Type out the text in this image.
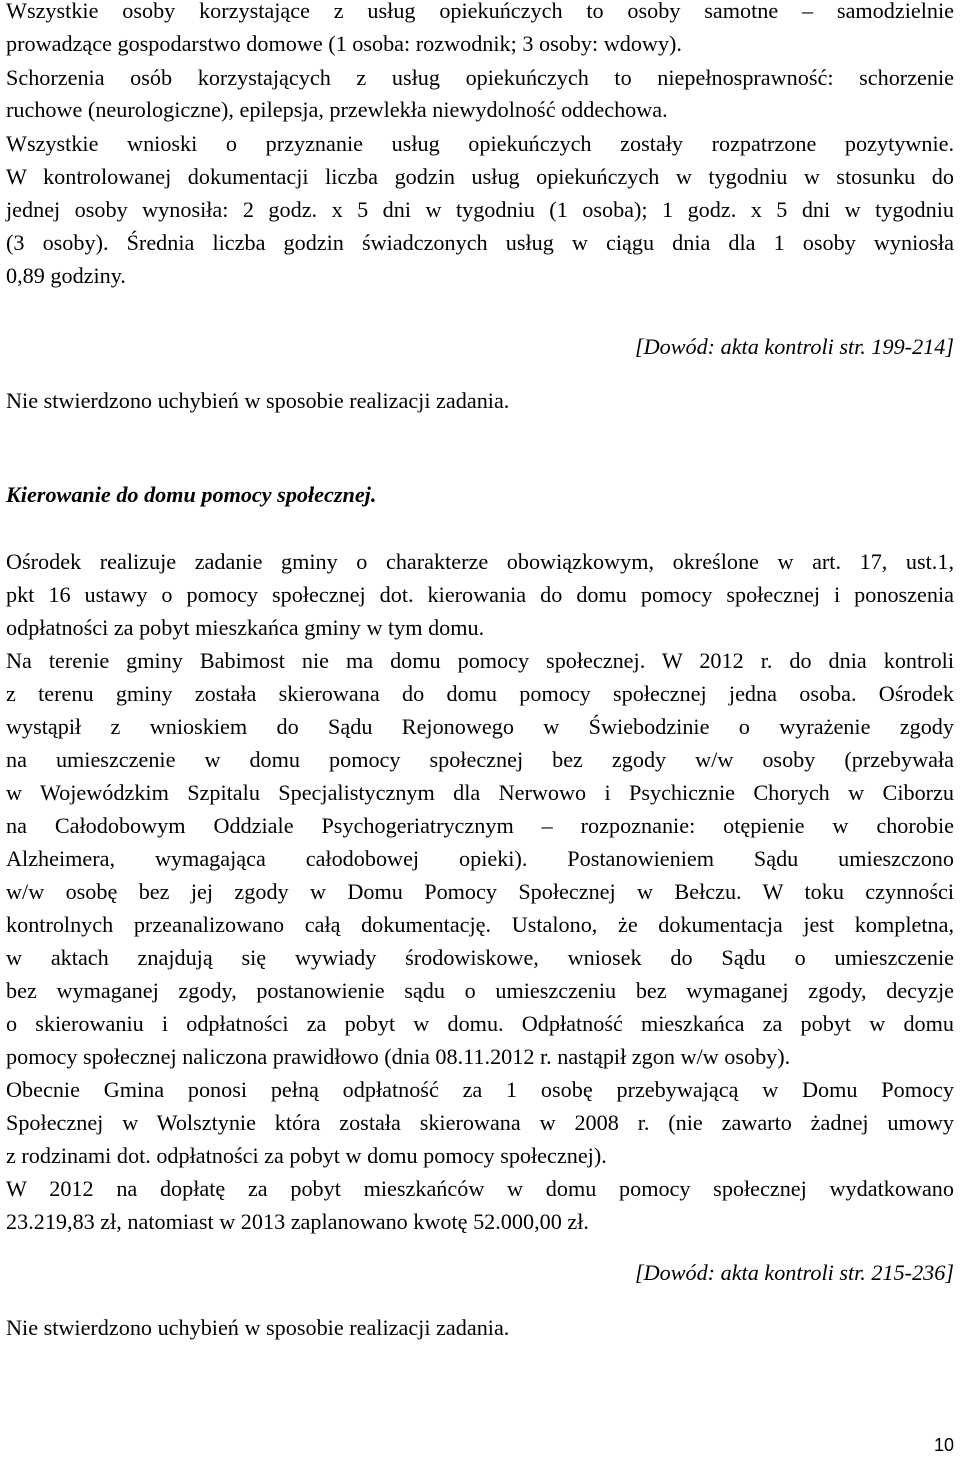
Wszystkie osoby korzystające z usług opiekuńczych to osoby samotne – samodzielnie
prowadzące gospodarstwo domowe (1 osoba: rozwodnik; 3 osoby: wdowy).
Schorzenia osób korzystających z usług opiekuńczych to niepełnosprawność: schorzenie
ruchowe (neurologiczne), epilepsja, przewlekła niewydolność oddechowa.
Wszystkie wnioski o przyznanie usług opiekuńczych zostały rozpatrzone pozytywnie.
W kontrolowanej dokumentacji liczba godzin usług opiekuńczych w tygodniu w stosunku do
jednej osoby wynosiła: 2 godz. x 5 dni w tygodniu (1 osoba); 1 godz. x 5 dni w tygodniu
(3 osoby). Średnia liczba godzin świadczonych usług w ciągu dnia dla 1 osoby wyniosła
0,89 godziny.
[Dowód: akta kontroli str. 199-214]
Nie stwierdzono uchybień w sposobie realizacji zadania.
Kierowanie do domu pomocy społecznej.
Ośrodek realizuje zadanie gminy o charakterze obowiązkowym, określone w art. 17, ust.1,
pkt 16 ustawy o pomocy społecznej dot. kierowania do domu pomocy społecznej i ponoszenia
odpłatności za pobyt mieszkańca gminy w tym domu.
Na terenie gminy Babimost nie ma domu pomocy społecznej. W 2012 r. do dnia kontroli
z terenu gminy została skierowana do domu pomocy społecznej jedna osoba. Ośrodek
wystąpił z wnioskiem do Sądu Rejonowego w Świebodzinie o wyrażenie zgody
na umieszczenie w domu pomocy społecznej bez zgody w/w osoby (przebywała
w Wojewódzkim Szpitalu Specjalistycznym dla Nerwowo i Psychicznie Chorych w Ciborzu
na Całodobowym Oddziale Psychogeriatrycznym – rozpoznanie: otępienie w chorobie
Alzheimera, wymagająca całodobowej opieki). Postanowieniem Sądu umieszczono
w/w osobę bez jej zgody w Domu Pomocy Społecznej w Bełczu. W toku czynności
kontrolnych przeanalizowano całą dokumentację. Ustalono, że dokumentacja jest kompletna,
w aktach znajdują się wywiady środowiskowe, wniosek do Sądu o umieszczenie
bez wymaganej zgody, postanowienie sądu o umieszczeniu bez wymaganej zgody, decyzje
o skierowaniu i odpłatności za pobyt w domu. Odpłatność mieszkańca za pobyt w domu
pomocy społecznej naliczona prawidłowo (dnia 08.11.2012 r. nastąpił zgon w/w osoby).
Obecnie Gmina ponosi pełną odpłatność za 1 osobę przebywającą w Domu Pomocy
Społecznej w Wolsztynie która została skierowana w 2008 r. (nie zawarto żadnej umowy
z rodzinami dot. odpłatności za pobyt w domu pomocy społecznej).
W 2012 na dopłatę za pobyt mieszkańców w domu pomocy społecznej wydatkowano
23.219,83 zł, natomiast w 2013 zaplanowano kwotę 52.000,00 zł.
[Dowód: akta kontroli str. 215-236]
Nie stwierdzono uchybień w sposobie realizacji zadania.
10
